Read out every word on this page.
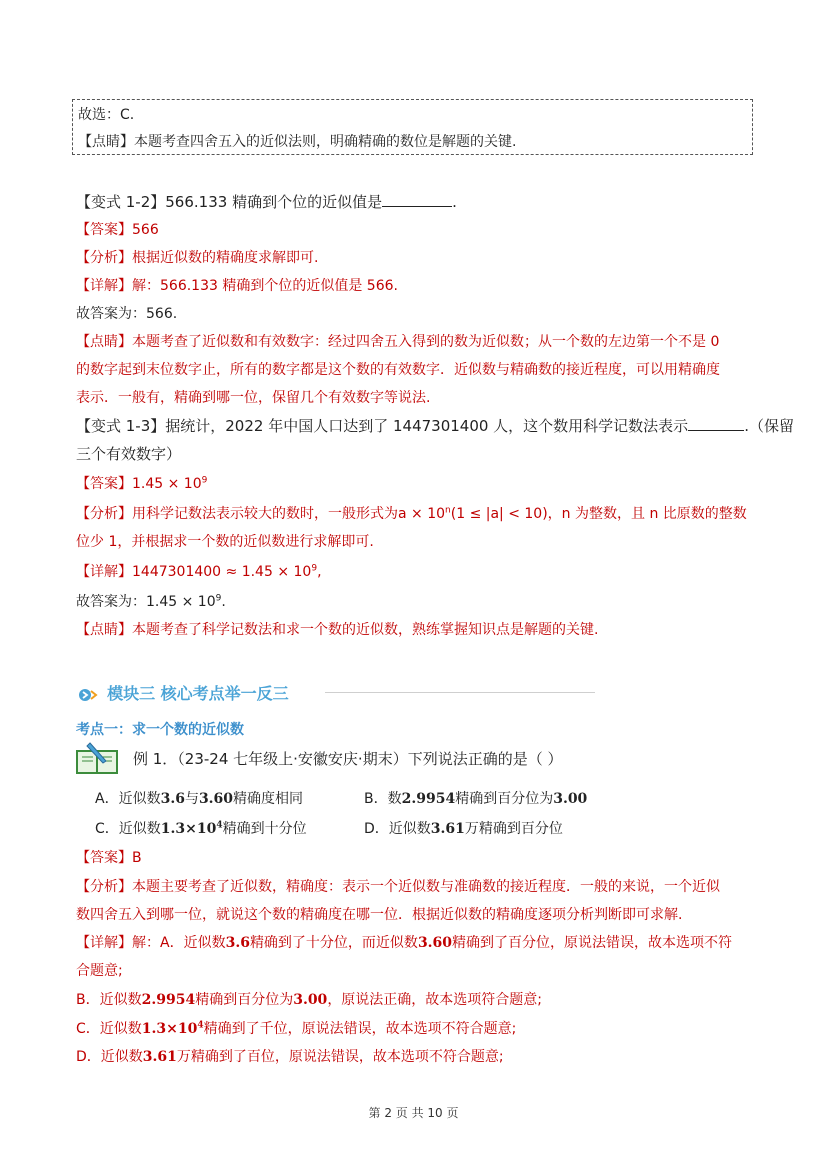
故选：C.
【点睛】本题考查四舍五入的近似法则，明确精确的数位是解题的关键.
【变式 1-2】566.133 精确到个位的近似值是	.
【答案】566
【分析】根据近似数的精确度求解即可.
【详解】解：566.133 精确到个位的近似值是 566.
故答案为：566.
【点睛】本题考查了近似数和有效数字：经过四舍五入得到的数为近似数；从一个数的左边第一个不是 0
的数字起到末位数字止，所有的数字都是这个数的有效数字．近似数与精确数的接近程度，可以用精确度
表示．一般有，精确到哪一位，保留几个有效数字等说法.
【变式 1-3】据统计，2022 年中国人口达到了 1447301400 人，这个数用科学记数法表示	.（保留
三个有效数字）
【答案】$1.45 \times 10^9$
【分析】用科学记数法表示较大的数时，一般形式为$a \times 10^n(1 \le |a| < 10)$，n 为整数，且 n 比原数的整数
位少 1，并根据求一个数的近似数进行求解即可.
【详解】$1447301400 \approx 1.45 \times 10^9$,
故答案为：$1.45 \times 10^9$.
【点睛】本题考查了科学记数法和求一个数的近似数，熟练掌握知识点是解题的关键.
模块三 核心考点举一反三
考点一：求一个数的近似数
例 1．（23-24 七年级上·安徽安庆·期末）下列说法正确的是（ ）
A．近似数3.6与3.60精确度相同	B．数2.9954精确到百分位为3.00
C．近似数$1.3\times 10^4$精确到十分位	D．近似数3.61万精确到百分位
【答案】B
【分析】本题主要考查了近似数，精确度：表示一个近似数与准确数的接近程度．一般的来说，一个近似
数四舍五入到哪一位，就说这个数的精确度在哪一位．根据近似数的精确度逐项分析判断即可求解.
【详解】解：A．近似数3.6精确到了十分位，而近似数3.60精确到了百分位，原说法错误，故本选项不符
合题意;
B．近似数2.9954精确到百分位为3.00，原说法正确，故本选项符合题意;
C．近似数$1.3\times 10^4$精确到了千位，原说法错误，故本选项不符合题意;
D．近似数3.61万精确到了百位，原说法错误，故本选项不符合题意;
第 2 页 共 10 页
